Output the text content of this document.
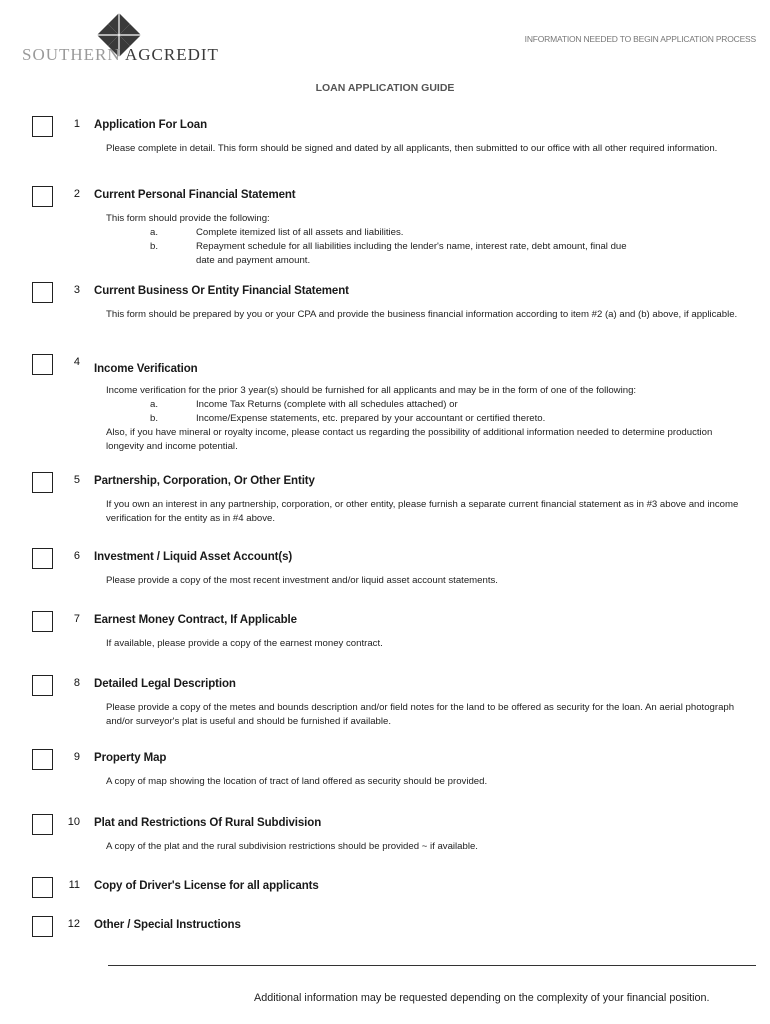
SOUTHERN AGCREDIT
INFORMATION NEEDED TO BEGIN APPLICATION PROCESS
LOAN APPLICATION GUIDE
1 Application For Loan

Please complete in detail. This form should be signed and dated by all applicants, then submitted to our office with all other required information.

2 Current Personal Financial Statement

This form should provide the following:

a.	Complete itemized list of all assets and liabilities.
b.	Repayment schedule for all liabilities including the lender's name, interest rate, debt amount, final due
date and payment amount.
3 Current Business Or Entity Financial Statement

This form should be prepared by you or your CPA and provide the business financial information according to item #2 (a) and (b) above, if applicable.

4
Income Verification

Income verification for the prior 3 year(s) should be furnished for all applicants and may be in the form of one of the following:

a.	Income Tax Returns (complete with all schedules attached) or
b.	Income/Expense statements, etc. prepared by your accountant or certified thereto.

Also, if you have mineral or royalty income, please contact us regarding the possibility of additional information needed to determine production longevity and income potential.

5 Partnership, Corporation, Or Other Entity

If you own an interest in any partnership, corporation, or other entity, please furnish a separate current financial statement as in #3 above and income verification for the entity as in #4 above.

6 Investment / Liquid Asset Account(s)

Please provide a copy of the most recent investment and/or liquid asset account statements.

7 Earnest Money Contract, If Applicable

If available, please provide a copy of the earnest money contract.

8 Detailed Legal Description

Please provide a copy of the metes and bounds description and/or field notes for the land to be offered as security for the loan. An aerial photograph and/or surveyor's plat is useful and should be furnished if available.

9 Property Map

A copy of map showing the location of tract of land offered as security should be provided.

10 Plat and Restrictions Of Rural Subdivision

A copy of the plat and the rural subdivision restrictions should be provided ~ if available.

11 Copy of Driver's License for all applicants
12 Other / Special Instructions
Additional information may be requested depending on the complexity of your financial position.
